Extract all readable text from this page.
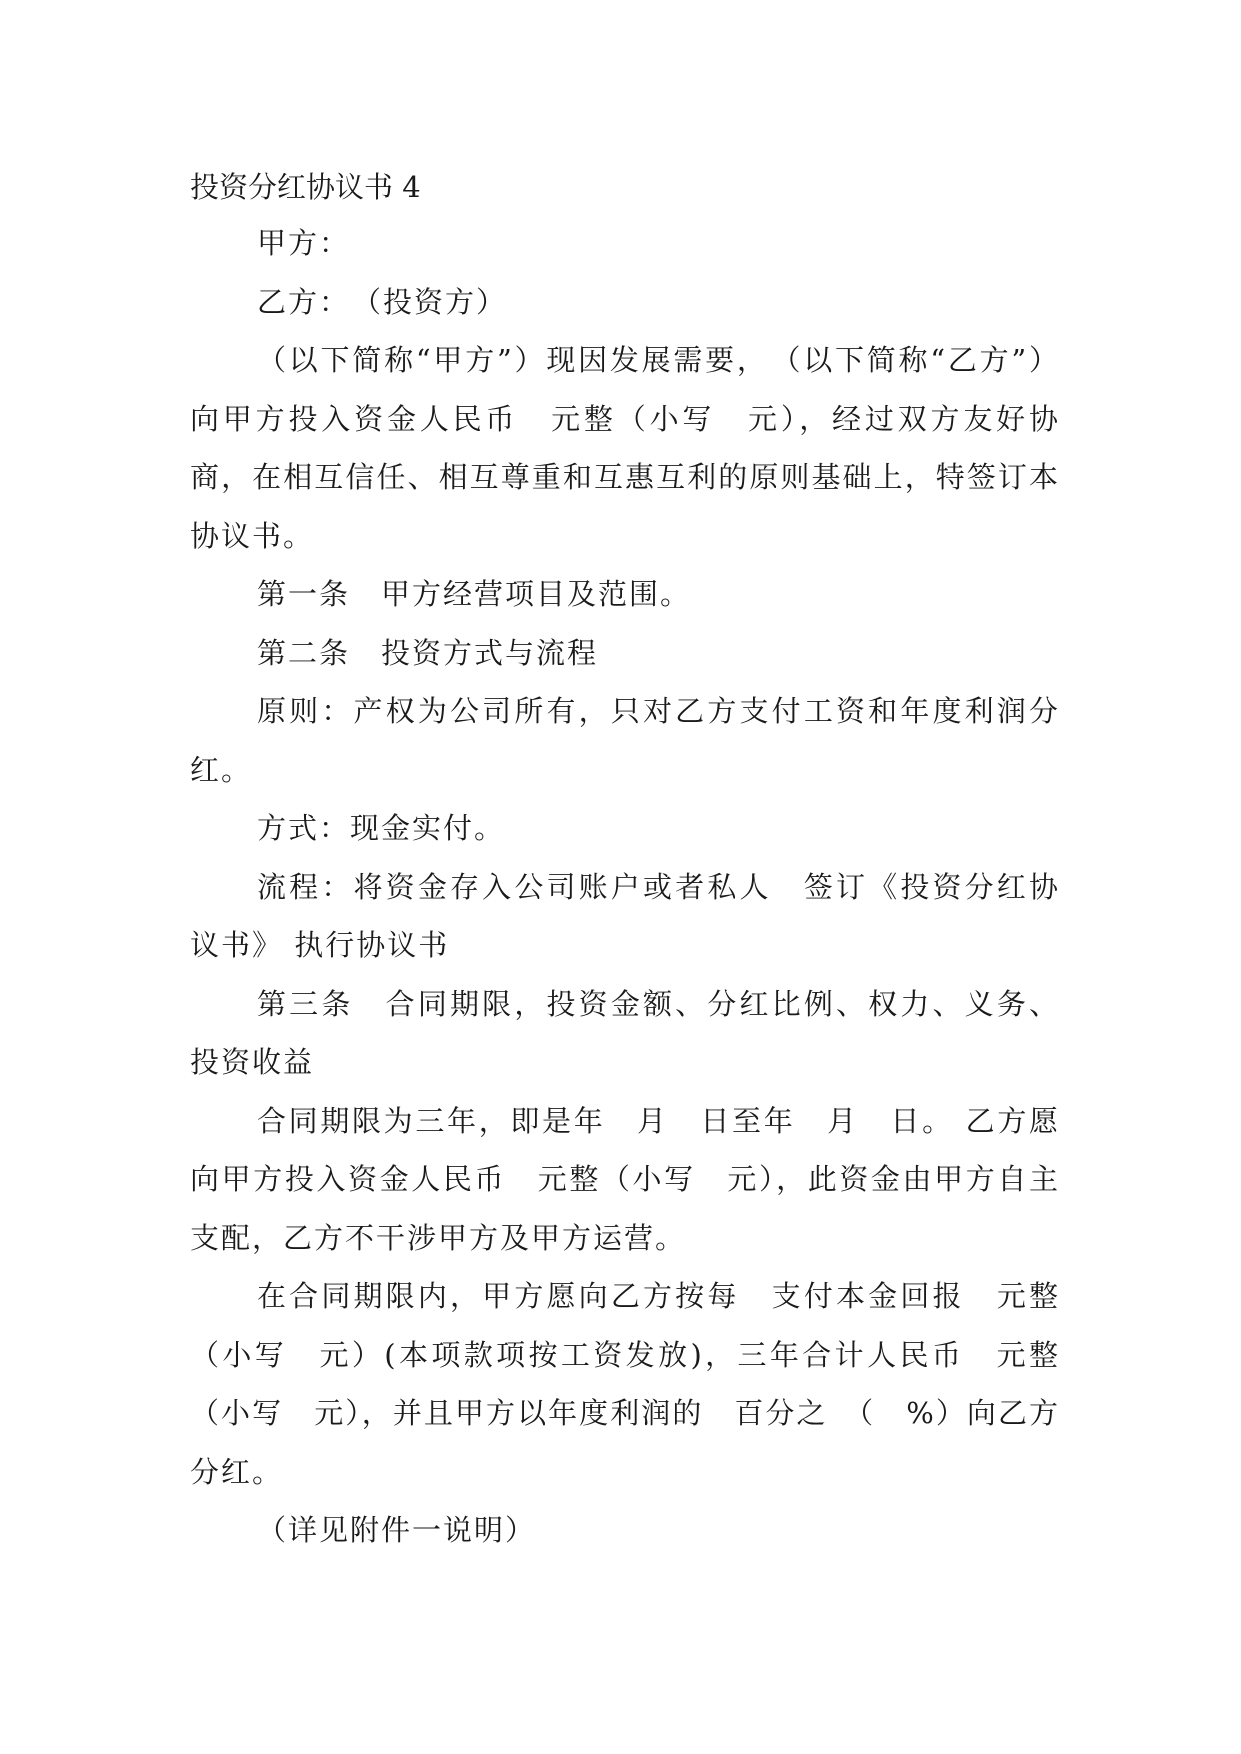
投资分红协议书 4

甲方：

乙方：　（投资方）

（以下简称“甲方”）现因发展需要，　（以下简称“乙方”）向甲方投入资金人民币　元整（小写　元），经过双方友好协商，在相互信任、相互尊重和互惠互利的原则基础上，特签订本协议书。

第一条　甲方经营项目及范围。

第二条　投资方式与流程

原则：产权为公司所有，只对乙方支付工资和年度利润分红。

方式：现金实付。

流程：将资金存入公司账户或者私人　签订《投资分红协议书》 执行协议书

第三条　合同期限，投资金额、分红比例、权力、义务、投资收益

合同期限为三年，即是年　月　日至年　月　日。 乙方愿向甲方投入资金人民币　元整（小写　元），此资金由甲方自主支配，乙方不干涉甲方及甲方运营。

在合同期限内，甲方愿向乙方按每　支付本金回报　元整（小写　元）(本项款项按工资发放)，三年合计人民币　元整（小写　元），并且甲方以年度利润的　百分之　（　%）向乙方分红。

（详见附件一说明）
